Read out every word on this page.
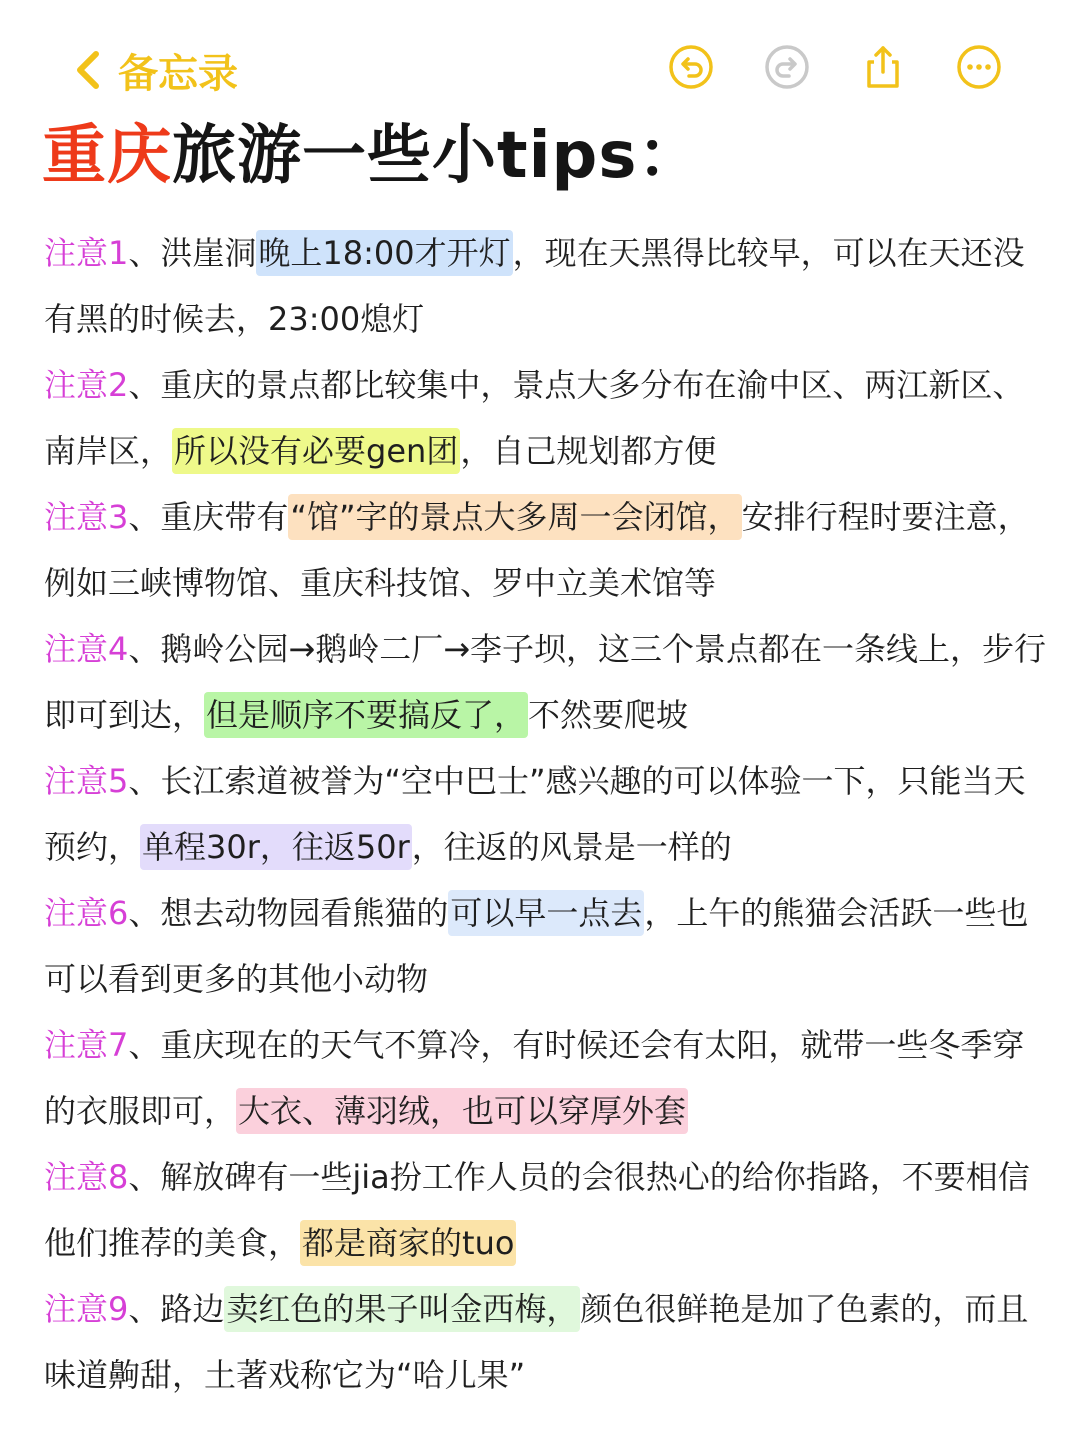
备忘录
重庆旅游一些小tips：

注意1、洪崖洞晚上18:00才开灯，现在天黑得比较早，可以在天还没有黑的时候去，23:00熄灯

注意2、重庆的景点都比较集中，景点大多分布在渝中区、两江新区、南岸区，所以没有必要gen团，自己规划都方便

注意3、重庆带有“馆”字的景点大多周一会闭馆，安排行程时要注意，例如三峡博物馆、重庆科技馆、罗中立美术馆等

注意4、鹅岭公园→鹅岭二厂→李子坝，这三个景点都在一条线上，步行即可到达，但是顺序不要搞反了，不然要爬坡

注意5、长江索道被誉为“空中巴士”感兴趣的可以体验一下，只能当天预约，单程30r，往返50r，往返的风景是一样的

注意6、想去动物园看熊猫的可以早一点去，上午的熊猫会活跃一些也可以看到更多的其他小动物

注意7、重庆现在的天气不算冷，有时候还会有太阳，就带一些冬季穿的衣服即可，大衣、薄羽绒，也可以穿厚外套

注意8、解放碑有一些jia扮工作人员的会很热心的给你指路，不要相信他们推荐的美食，都是商家的tuo

注意9、路边卖红色的果子叫金西梅，颜色很鲜艳是加了色素的，而且味道齁甜，土著戏称它为“哈儿果”
